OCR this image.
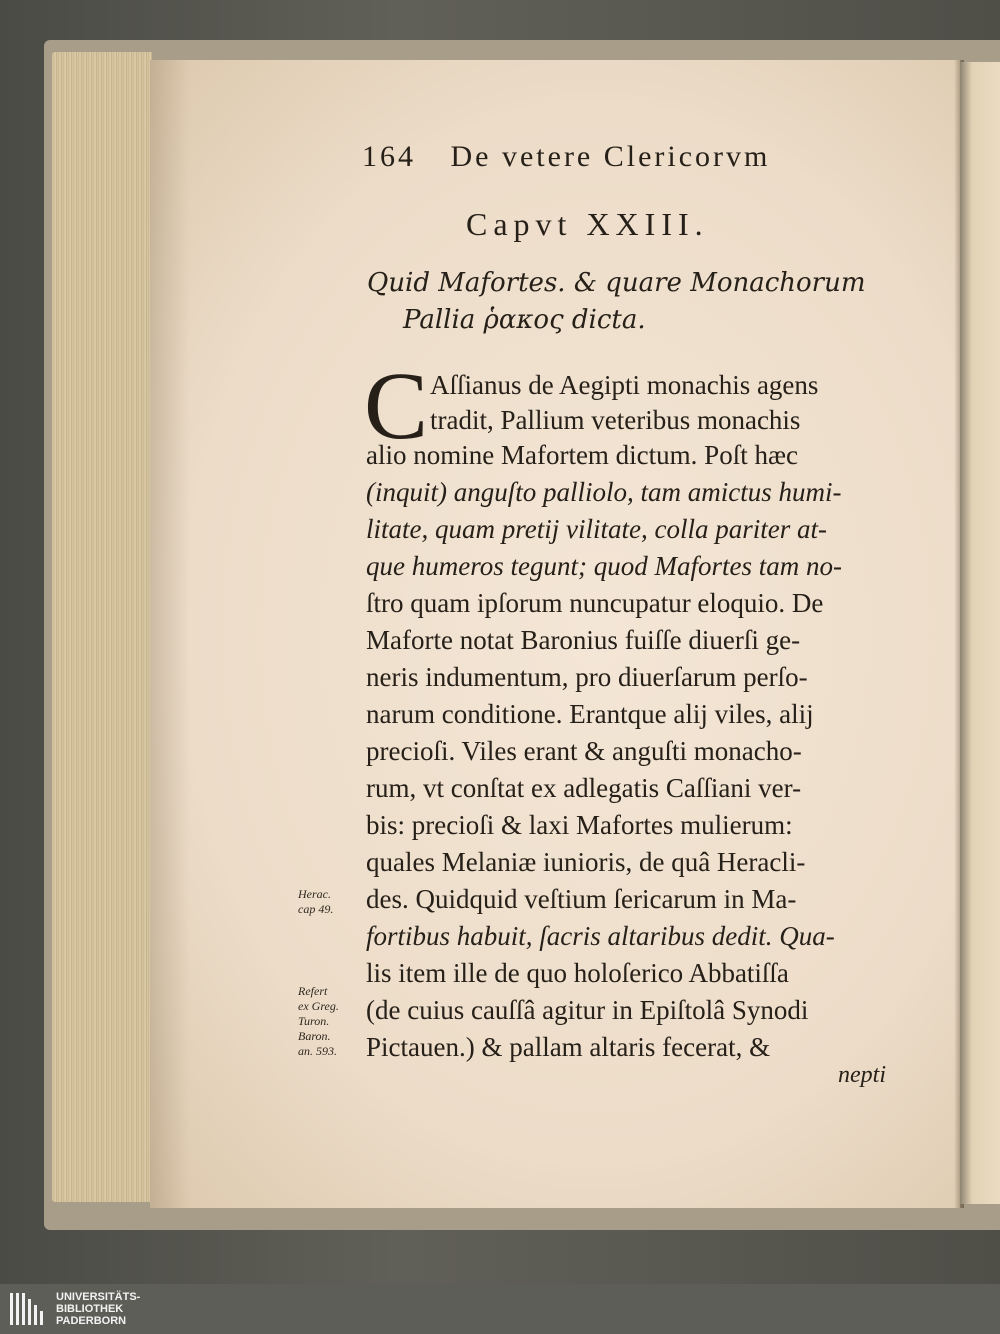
164 De vetere Clericorvm
Capvt XXIII.
Quid Mafortes. & quare Monachorum
Pallia ῥακος dicta.
C Aſſianus de Aegipti monachis agens
tradit, Pallium veteribus monachis
alio nomine Mafortem dictum. Poſt hæc
(inquit) anguſto palliolo, tam amictus humi-
litate, quam pretij vilitate, colla pariter at-
que humeros tegunt; quod Mafortes tam no-
ſtro quam ipſorum nuncupatur eloquio. De
Maforte notat Baronius fuiſſe diuerſi ge-
neris indumentum, pro diuerſarum perſo-
narum conditione. Erantque alij viles, alij
precioſi. Viles erant & anguſti monacho-
rum, vt conſtat ex adlegatis Caſſiani ver-
bis: precioſi & laxi Mafortes mulierum:
quales Melaniæ iunioris, de quâ Heracli-
des. Quidquid veſtium ſericarum in Ma-
fortibus habuit, ſacris altaribus dedit. Qua-
lis item ille de quo holoſerico Abbatiſſa
(de cuius cauſſâ agitur in Epiſtolâ Synodi
Pictauen.) & pallam altaris fecerat, &
nepti
Herac.
cap 49.
Refert
ex Greg.
Turon.
Baron.
an. 593.
UNIVERSITÄTS-
BIBLIOTHEK
PADERBORN
